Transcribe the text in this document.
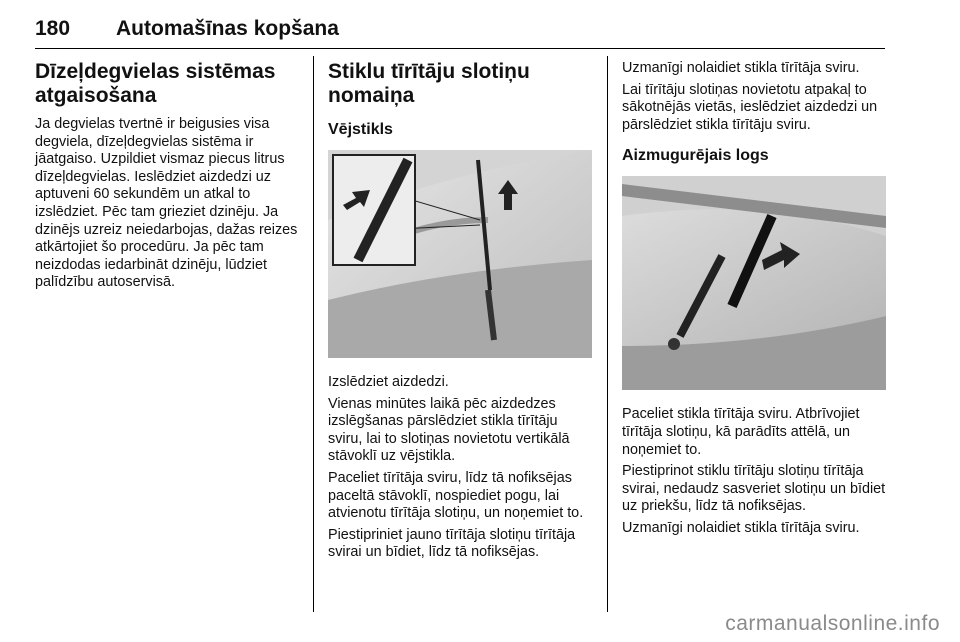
180 Automašīnas kopšana
Dīzeļdegvielas sistēmas atgaisošana

Ja degvielas tvertnē ir beigusies visa degviela, dīzeļdegvielas sistēma ir jāatgaiso. Uzpildiet vismaz piecus litrus dīzeļdegvielas. Ieslēdziet aizdedzi uz aptuveni 60 sekundēm un atkal to izslēdziet. Pēc tam grieziet dzinēju. Ja dzinējs uzreiz neiedarbojas, dažas reizes atkārtojiet šo procedūru. Ja pēc tam neizdodas iedarbināt dzinēju, lūdziet palīdzību autoservisā.

Stiklu tīrītāju slotiņu nomaiņa
Vējstikls

Izslēdziet aizdedzi.

Vienas minūtes laikā pēc aizdedzes izslēgšanas pārslēdziet stikla tīrītāju sviru, lai to slotiņas novietotu vertikālā stāvoklī uz vējstikla.

Paceliet tīrītāja sviru, līdz tā nofiksējas paceltā stāvoklī, nospiediet pogu, lai atvienotu tīrītāja slotiņu, un noņemiet to.

Piestipriniet jauno tīrītāja slotiņu tīrītāja svirai un bīdiet, līdz tā nofiksējas.

Uzmanīgi nolaidiet stikla tīrītāja sviru.

Lai tīrītāju slotiņas novietotu atpakaļ to sākotnējās vietās, ieslēdziet aizdedzi un pārslēdziet stikla tīrītāju sviru.

Aizmugurējais logs

Paceliet stikla tīrītāja sviru. Atbrīvojiet tīrītāja slotiņu, kā parādīts attēlā, un noņemiet to.

Piestiprinot stiklu tīrītāju slotiņu tīrītāja svirai, nedaudz sasveriet slotiņu un bīdiet uz priekšu, līdz tā nofiksējas.

Uzmanīgi nolaidiet stikla tīrītāja sviru.

carmanualsonline.info
